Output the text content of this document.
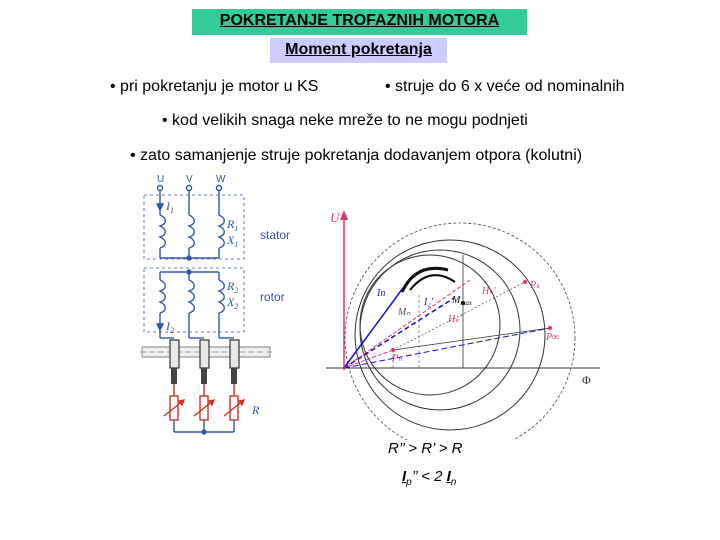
POKRETANJE TROFAZNIH MOTORA
Moment pokretanja
• pri pokretanju je motor u KS	• struje do 6 x veće od nominalnih
• kod velikih snaga neke mreže to ne mogu podnjeti
• zato samanjenje struje pokretanja dodavanjem otpora (kolutni)
U V W
$I_1$
$R_1$
$X_1$
$R_2$
$X_2$
$I_2$
R
stator
rotor
U
Φ
In
I₂' $M_{max}$
Mₙ
Pₖ
P∞
Pₙ
Hₖ'
Hₖ''
R’’ > R’ > R
$I_p$’’ < 2 $I_n$
